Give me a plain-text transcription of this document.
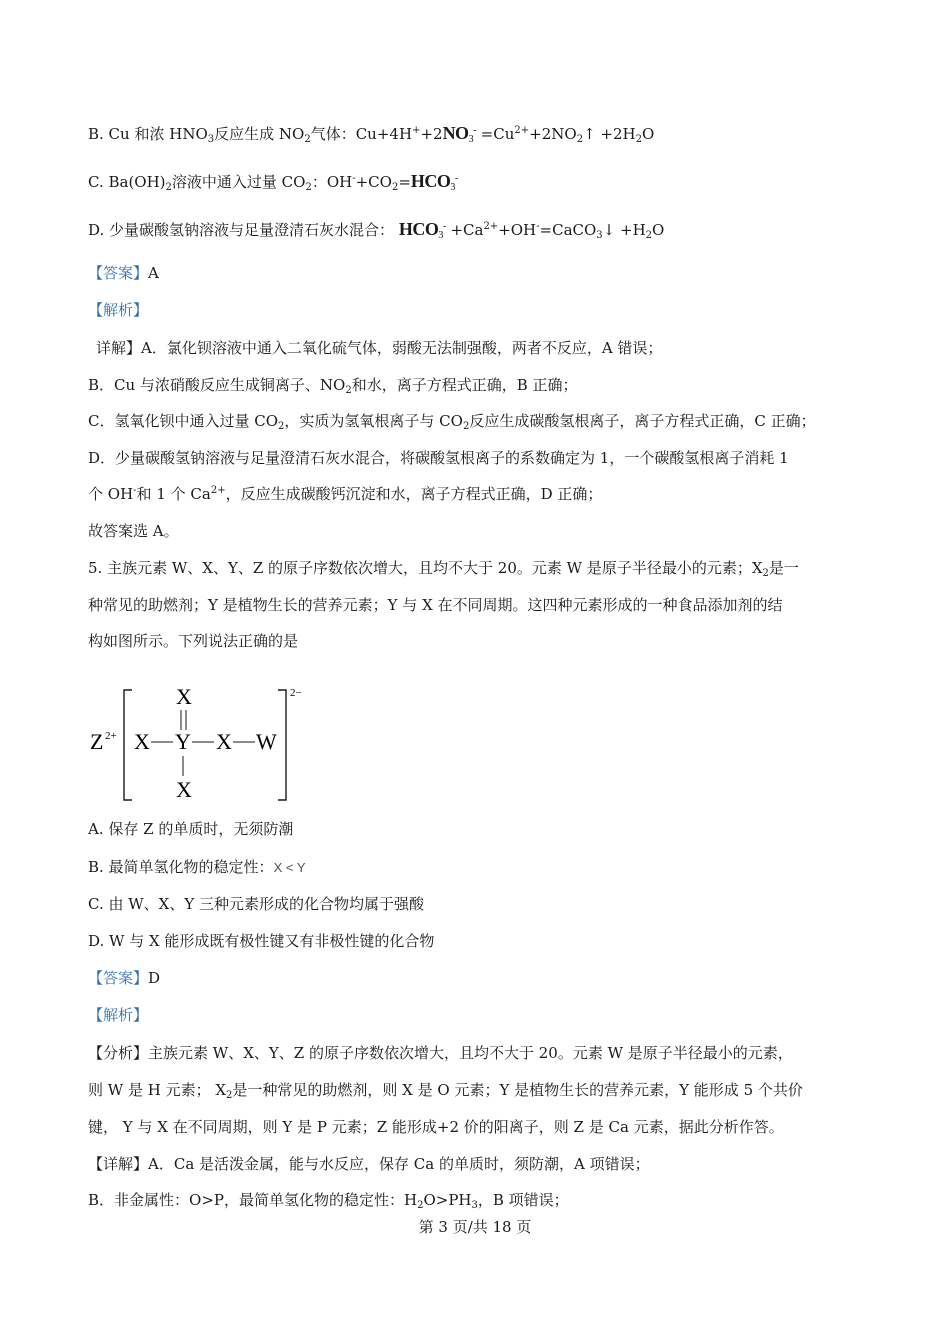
B. Cu 和浓 $HNO_3$反应生成 $NO_2$气体：$Cu+4H^++2NO_3^-$ $=Cu^{2+}+2NO_2↑ +2H_2O$
C. $Ba(OH)_2$溶液中通入过量 $CO_2$：$OH^-+CO_2=HCO_3^-$
D. 少量碳酸氢钠溶液与足量澄清石灰水混合： $HCO_3^-$ $+Ca^{2+}+OH^-=CaCO_3↓ +H_2O$
【答案】A
【解析】
详解】A．氯化钡溶液中通入二氧化硫气体，弱酸无法制强酸，两者不反应，A 错误；
B．Cu 与浓硝酸反应生成铜离子、$NO_2$和水，离子方程式正确，B 正确；
C．氢氧化钡中通入过量 $CO_2$，实质为氢氧根离子与 $CO_2$反应生成碳酸氢根离子，离子方程式正确，C 正确；
D．少量碳酸氢钠溶液与足量澄清石灰水混合，将碳酸氢根离子的系数确定为 1，一个碳酸氢根离子消耗 1
个 OH-和 1 个 $Ca^{2+}$，反应生成碳酸钙沉淀和水，离子方程式正确，D 正确；
故答案选 A。
5. 主族元素 W、X、Y、Z 的原子序数依次增大，且均不大于 20。元素 W 是原子半径最小的元素；$X_2$是一
种常见的助燃剂；Y 是植物生长的营养元素；Y 与 X 在不同周期。这四种元素形成的一种食品添加剂的结
构如图所示。下列说法正确的是
Z 2+
2−
X
X Y X W
X
A. 保存 Z 的单质时，无须防潮
B. 最简单氢化物的稳定性：X < Y
C. 由 W、X、Y 三种元素形成的化合物均属于强酸
D. W 与 X 能形成既有极性键又有非极性键的化合物
【答案】D
【解析】
【分析】主族元素 W、X、Y、Z 的原子序数依次增大，且均不大于 20。元素 W 是原子半径最小的元素，
则 W 是 H 元素； $X_2$是一种常见的助燃剂，则 X 是 O 元素；Y 是植物生长的营养元素，Y 能形成 5 个共价
键， Y 与 X 在不同周期，则 Y 是 P 元素；Z 能形成+2 价的阳离子，则 Z 是 Ca 元素，据此分析作答。
【详解】A．Ca 是活泼金属，能与水反应，保存 Ca 的单质时，须防潮，A 项错误；
B．非金属性：O>P，最简单氢化物的稳定性：$H_2O>PH_3$，B 项错误；
第 3 页/共 18 页
